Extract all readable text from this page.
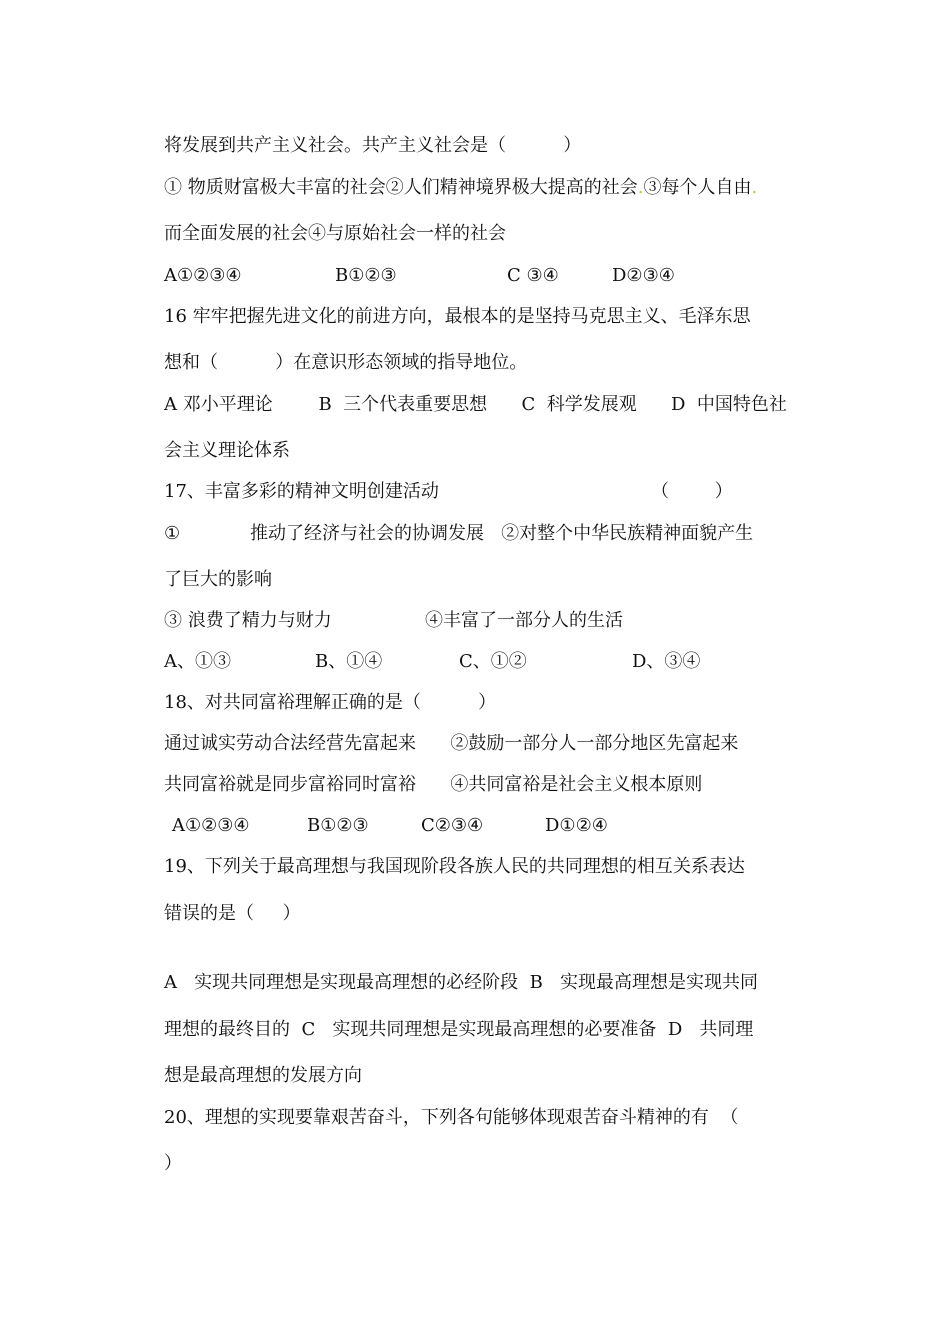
将发展到共产主义社会。共产主义社会是（          ）
① 物质财富极大丰富的社会②人们精神境界极大提高的社会.③每个人自由.
而全面发展的社会④与原始社会一样的社会
A①②③④	B①②③	C ③④	D②③④
16 牢牢把握先进文化的前进方向，最根本的是坚持马克思主义、毛泽东思
想和（          ）在意识形态领域的指导地位。
A 邓小平理论        B  三个代表重要思想      C  科学发展观      D  中国特色社
会主义理论体系
17、丰富多彩的精神文明创建活动	（        ）
①	推动了经济与社会的协调发展   ②对整个中华民族精神面貌产生
了巨大的影响
③ 浪费了精力与财力	④丰富了一部分人的生活
A、①③	B、①④	C、①②	D、③④
18、对共同富裕理解正确的是（          ）
通过诚实劳动合法经营先富起来      ②鼓励一部分人一部分地区先富起来
共同富裕就是同步富裕同时富裕      ④共同富裕是社会主义根本原则
A①②③④	B①②③	C②③④	D①②④
19、下列关于最高理想与我国现阶段各族人民的共同理想的相互关系表达
错误的是（     ）
A   实现共同理想是实现最高理想的必经阶段  B   实现最高理想是实现共同
理想的最终目的  C   实现共同理想是实现最高理想的必要准备  D   共同理
想是最高理想的发展方向
20、理想的实现要靠艰苦奋斗，下列各句能够体现艰苦奋斗精神的有  （
）
